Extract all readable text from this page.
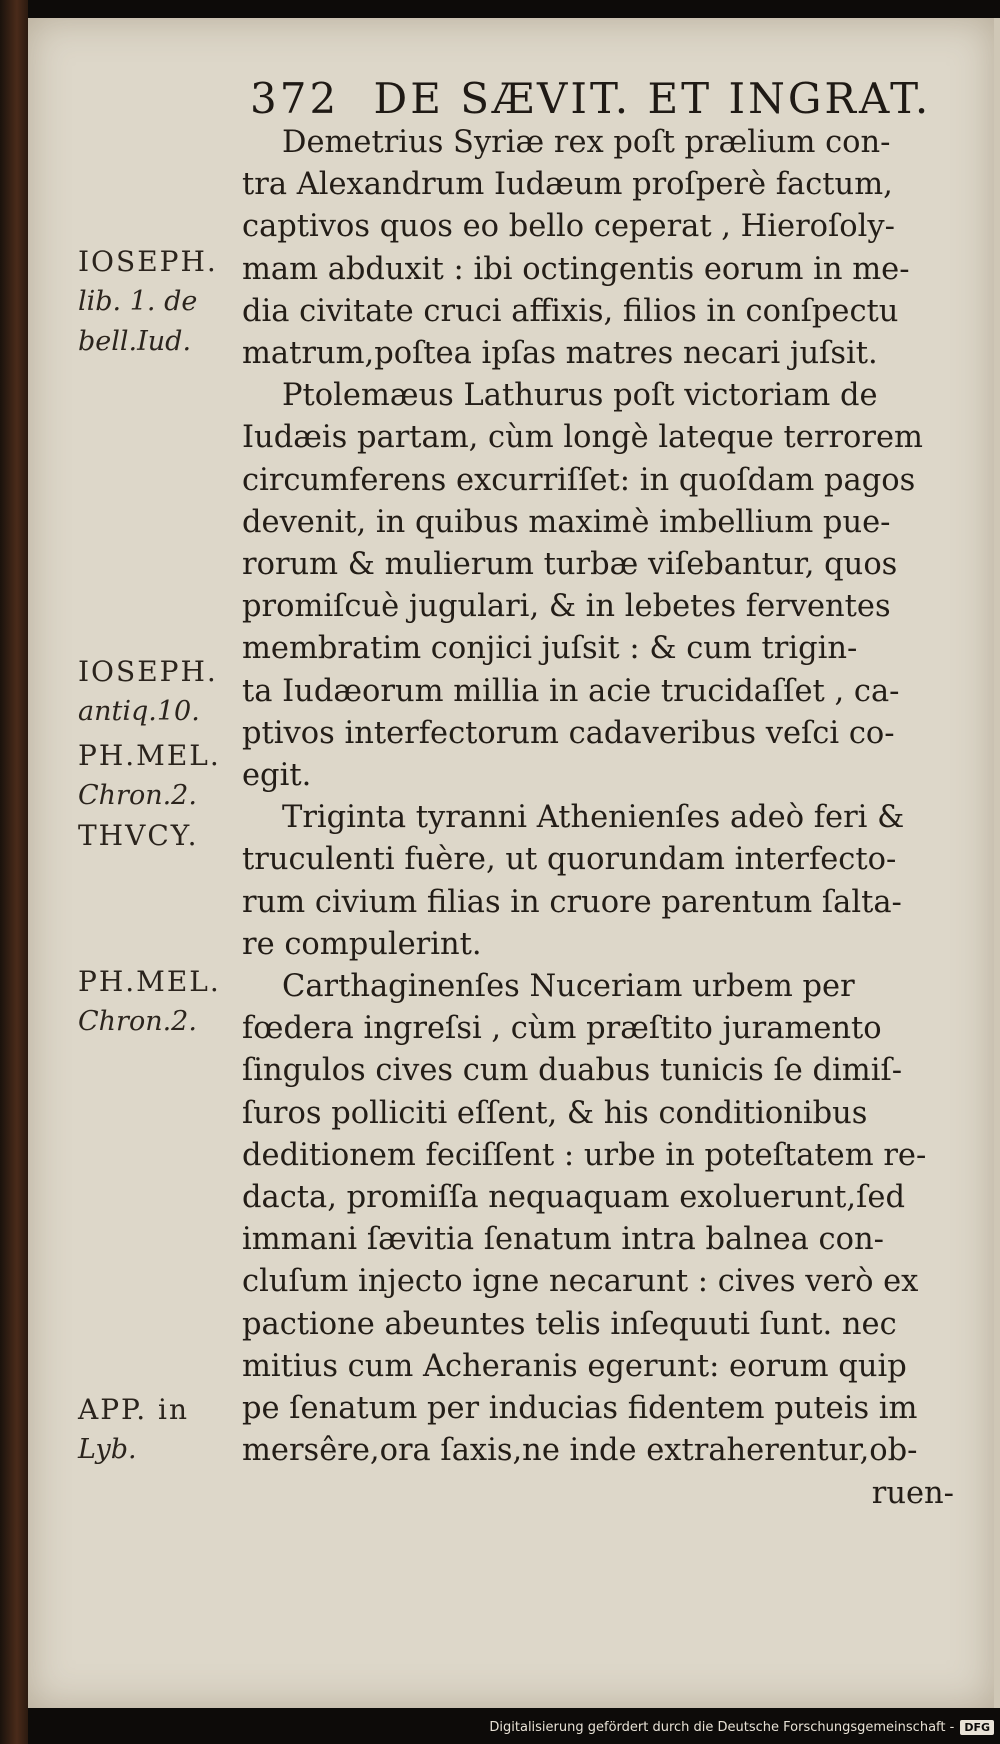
372 DE SÆVIT. ET INGRAT.
Demetrius Syriæ rex poſt prælium con-
tra Alexandrum Iudæum proſperè factum,
captivos quos eo bello ceperat , Hieroſoly-
mam abduxit : ibi octingentis eorum in me-
dia civitate cruci affixis, filios in conſpectu
matrum,poſtea ipſas matres necari juſsit.
Ptolemæus Lathurus poſt victoriam de
Iudæis partam, cùm longè lateque terrorem
circumferens excurriſſet: in quoſdam pagos
devenit, in quibus maximè imbellium pue-
rorum & mulierum turbæ viſebantur, quos
promiſcuè jugulari, & in lebetes ferventes
membratim conjici juſsit : & cum trigin-
ta Iudæorum millia in acie trucidaſſet , ca-
ptivos interfectorum cadaveribus veſci co-
egit.
Triginta tyranni Athenienſes adeò feri &
truculenti fuère, ut quorundam interfecto-
rum civium filias in cruore parentum ſalta-
re compulerint.
Carthaginenſes Nuceriam urbem per
fœdera ingreſsi , cùm præſtito juramento
ſingulos cives cum duabus tunicis ſe dimiſ-
ſuros polliciti eſſent, & his conditionibus
deditionem feciſſent : urbe in poteſtatem re-
dacta, promiſſa nequaquam exoluerunt,ſed
immani ſævitia ſenatum intra balnea con-
cluſum injecto igne necarunt : cives verò ex
pactione abeuntes telis inſequuti ſunt. nec
mitius cum Acheranis egerunt: eorum quip
pe ſenatum per inducias fidentem puteis im
mersêre,ora ſaxis,ne inde extraherentur,ob-
ruen-
IOSEPH.
lib. 1. de
bell.Iud.
IOSEPH.
antiq.10.
PH.MEL.
Chron.2.
THVCY.
PH.MEL.
Chron.2.
APP. in
Lyb.
Digitalisierung gefördert durch die Deutsche Forschungsgemeinschaft - DFG
